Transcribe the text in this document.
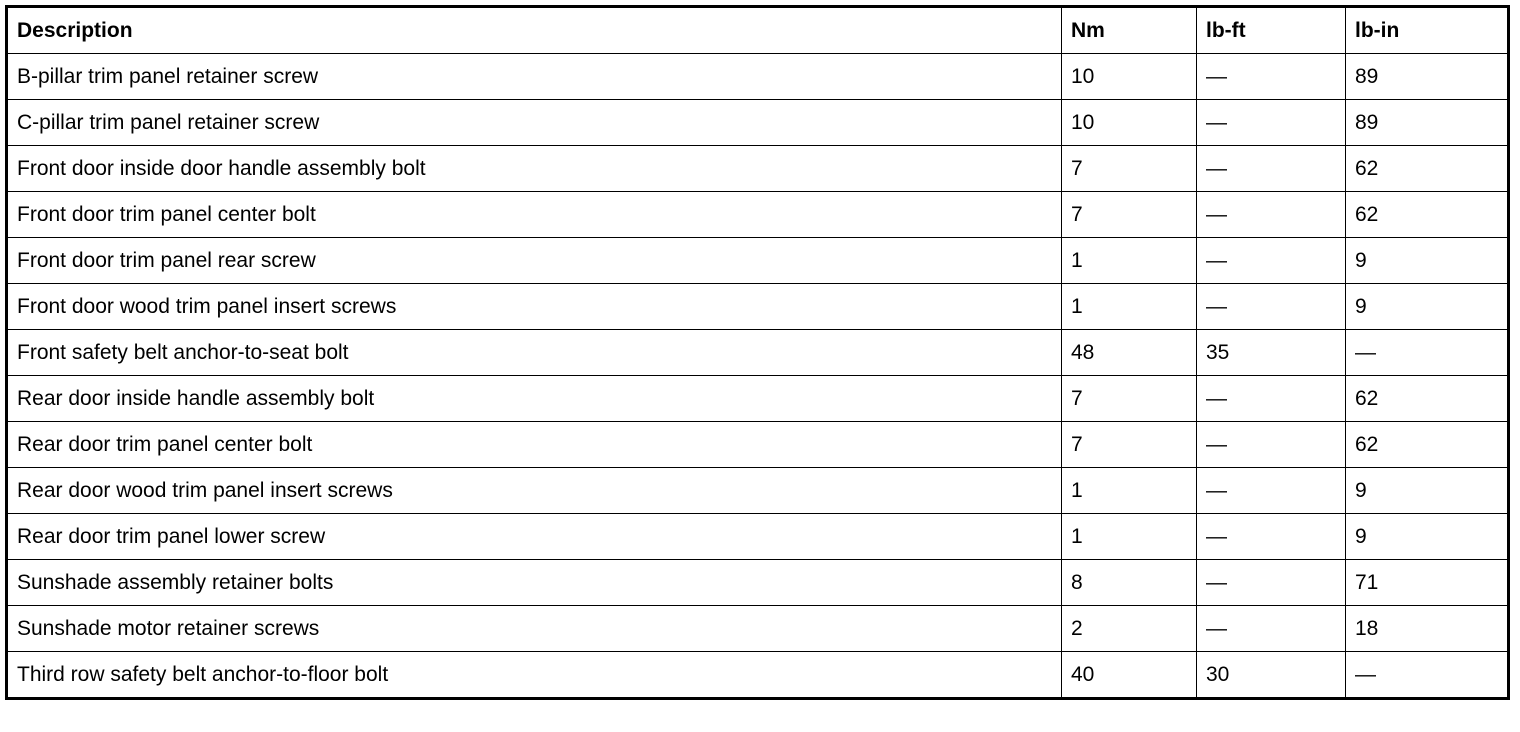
Description	Nm	lb-ft	lb-in
B-pillar trim panel retainer screw	10	—	89
C-pillar trim panel retainer screw	10	—	89
Front door inside door handle assembly bolt	7	—	62
Front door trim panel center bolt	7	—	62
Front door trim panel rear screw	1	—	9
Front door wood trim panel insert screws	1	—	9
Front safety belt anchor-to-seat bolt	48	35	—
Rear door inside handle assembly bolt	7	—	62
Rear door trim panel center bolt	7	—	62
Rear door wood trim panel insert screws	1	—	9
Rear door trim panel lower screw	1	—	9
Sunshade assembly retainer bolts	8	—	71
Sunshade motor retainer screws	2	—	18
Third row safety belt anchor-to-floor bolt	40	30	—
